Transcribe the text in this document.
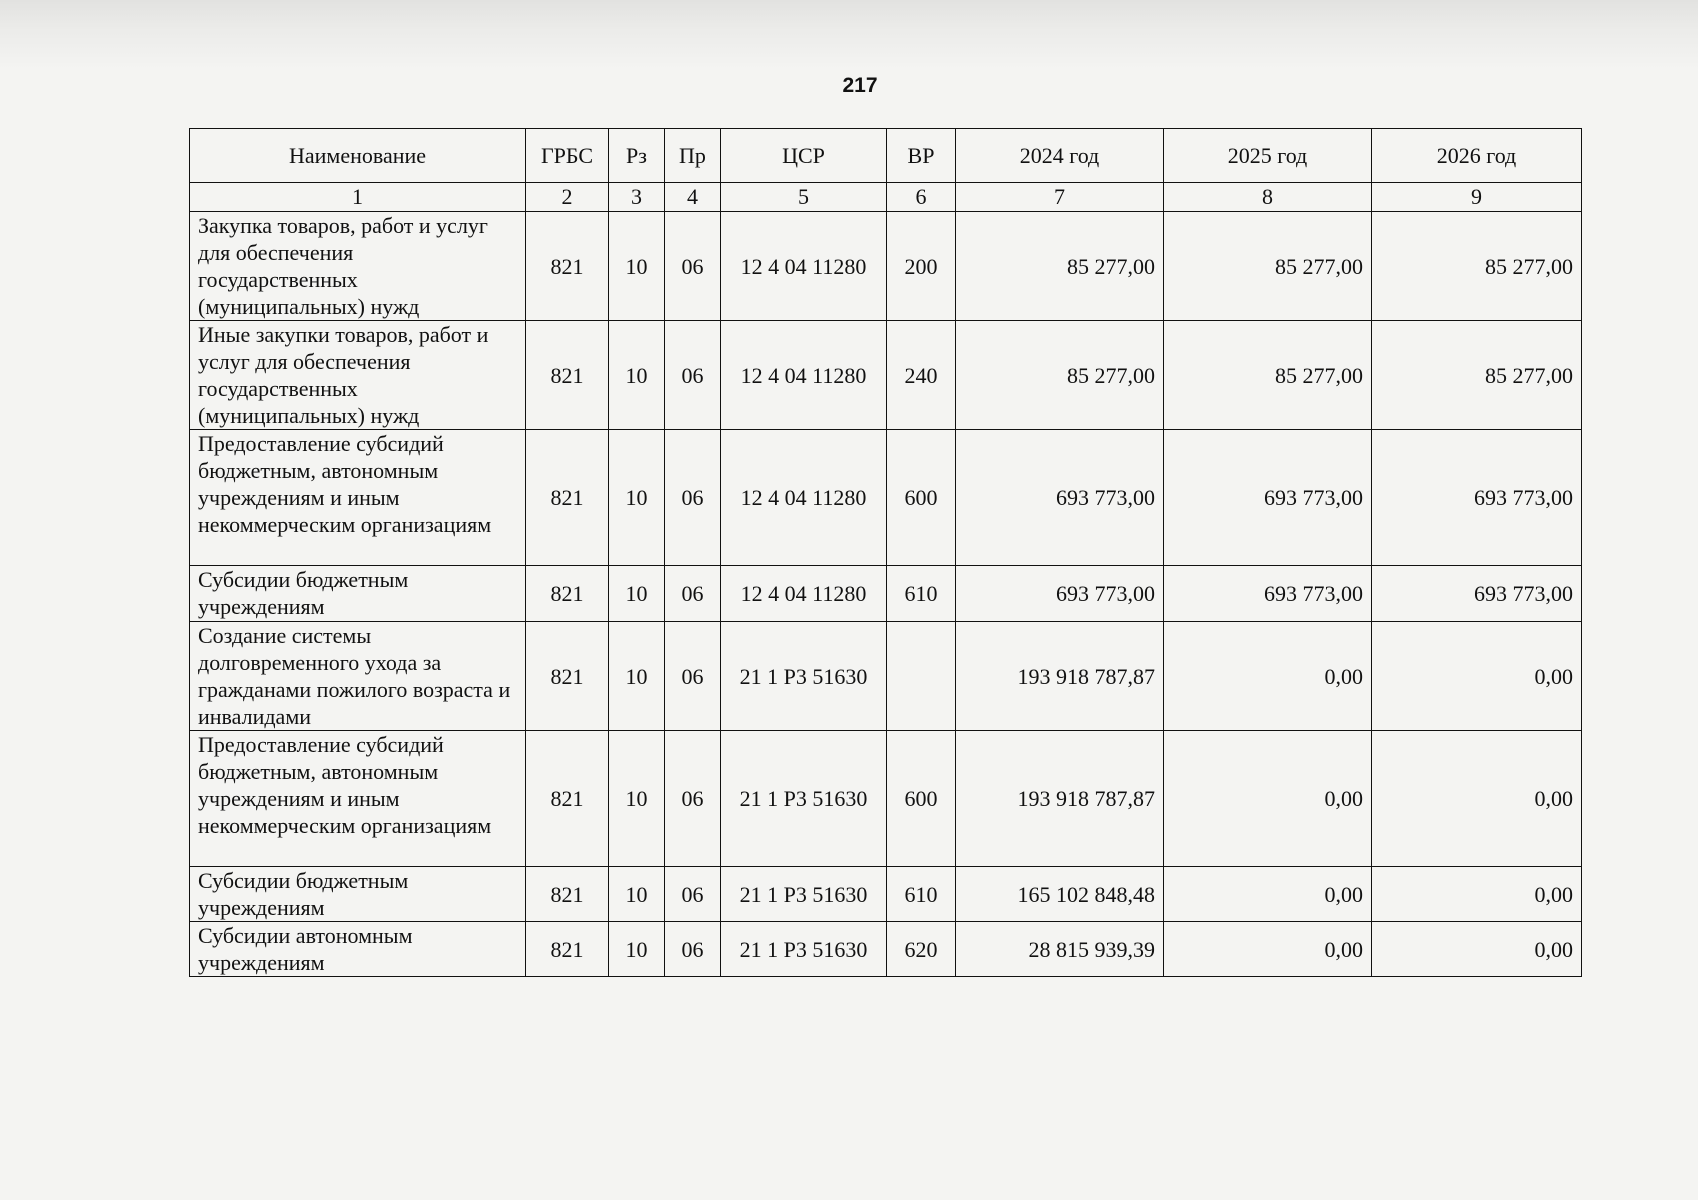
217
Наименование	ГРБС	Рз	Пр	ЦСР	ВР	2024 год	2025 год	2026 год
1	2	3	4	5	6	7	8	9
Закупка товаров, работ и услуг для обеспечения государственных (муниципальных) нужд	821	10	06	12 4 04 11280	200	85 277,00	85 277,00	85 277,00
Иные закупки товаров, работ и услуг для обеспечения государственных (муниципальных) нужд	821	10	06	12 4 04 11280	240	85 277,00	85 277,00	85 277,00
Предоставление субсидий бюджетным, автономным учреждениям и иным некоммерческим организациям	821	10	06	12 4 04 11280	600	693 773,00	693 773,00	693 773,00
Субсидии бюджетным учреждениям	821	10	06	12 4 04 11280	610	693 773,00	693 773,00	693 773,00
Создание системы долговременного ухода за гражданами пожилого возраста и инвалидами	821	10	06	21 1 Р3 51630		193 918 787,87	0,00	0,00
Предоставление субсидий бюджетным, автономным учреждениям и иным некоммерческим организациям	821	10	06	21 1 Р3 51630	600	193 918 787,87	0,00	0,00
Субсидии бюджетным учреждениям	821	10	06	21 1 Р3 51630	610	165 102 848,48	0,00	0,00
Субсидии автономным учреждениям	821	10	06	21 1 Р3 51630	620	28 815 939,39	0,00	0,00
